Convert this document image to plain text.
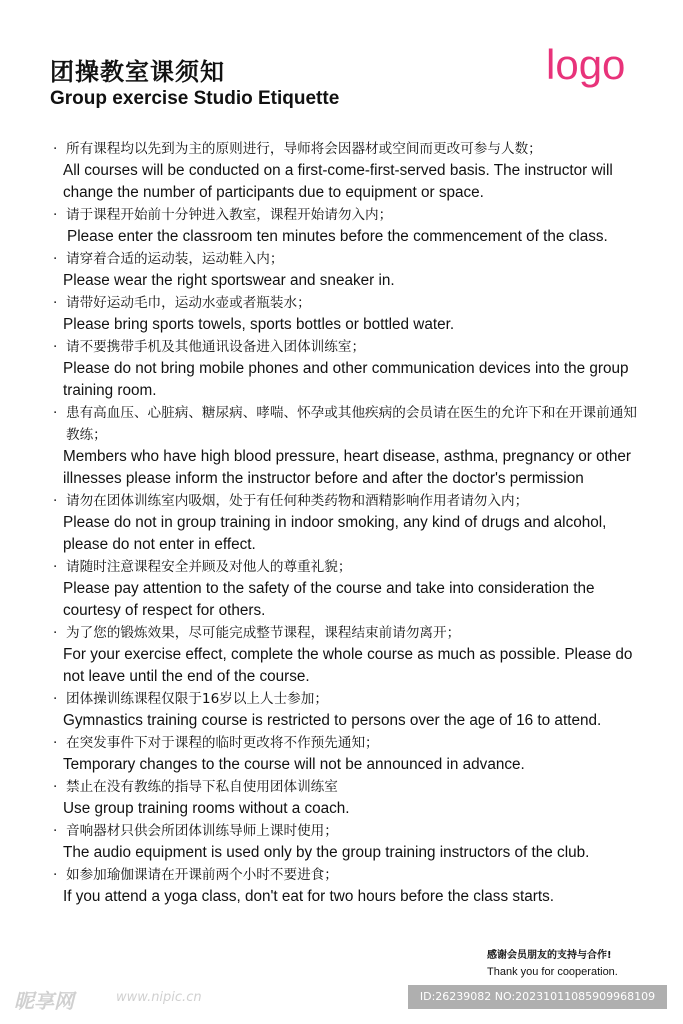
团操教室课须知
Group exercise Studio Etiquette
logo
· 所有课程均以先到为主的原则进行，导师将会因器材或空间而更改可参与人数；
All courses will be conducted on a first-come-first-served basis. The instructor will change the number of participants due to equipment or space.
· 请于课程开始前十分钟进入教室，课程开始请勿入内；
Please enter the classroom ten minutes before the commencement of the class.
· 请穿着合适的运动装，运动鞋入内；
Please wear the right sportswear and sneaker in.
· 请带好运动毛巾，运动水壶或者瓶装水；
Please bring sports towels, sports bottles or bottled water.
· 请不要携带手机及其他通讯设备进入团体训练室；
Please do not bring mobile phones and other communication devices into the group training room.
· 患有高血压、心脏病、糖尿病、哮喘、怀孕或其他疾病的会员请在医生的允许下和在开课前通知教练；
Members who have high blood pressure, heart disease, asthma, pregnancy or other illnesses please inform the instructor before and after the doctor's permission
· 请勿在团体训练室内吸烟，处于有任何种类药物和酒精影响作用者请勿入内；
Please do not in group training in indoor smoking, any kind of drugs and alcohol, please do not enter in effect.
· 请随时注意课程安全并顾及对他人的尊重礼貌；
Please pay attention to the safety of the course and take into consideration the courtesy of respect for others.
· 为了您的锻炼效果，尽可能完成整节课程，课程结束前请勿离开；
For your exercise effect, complete the whole course as much as possible. Please do not leave until the end of the course.
· 团体操训练课程仅限于16岁以上人士参加；
Gymnastics training course is restricted to persons over the age of 16 to attend.
· 在突发事件下对于课程的临时更改将不作预先通知；
Temporary changes to the course will not be announced in advance.
· 禁止在没有教练的指导下私自使用团体训练室
Use group training rooms without a coach.
· 音响器材只供会所团体训练导师上课时使用；
The audio equipment is used only by the group training instructors of the club.
· 如参加瑜伽课请在开课前两个小时不要进食；
If you attend a yoga class, don't eat for two hours before the class starts.
感谢会员朋友的支持与合作!
Thank you for cooperation.
昵享网	www.nipic.cn	ID:26239082 NO:20231011085909968109
